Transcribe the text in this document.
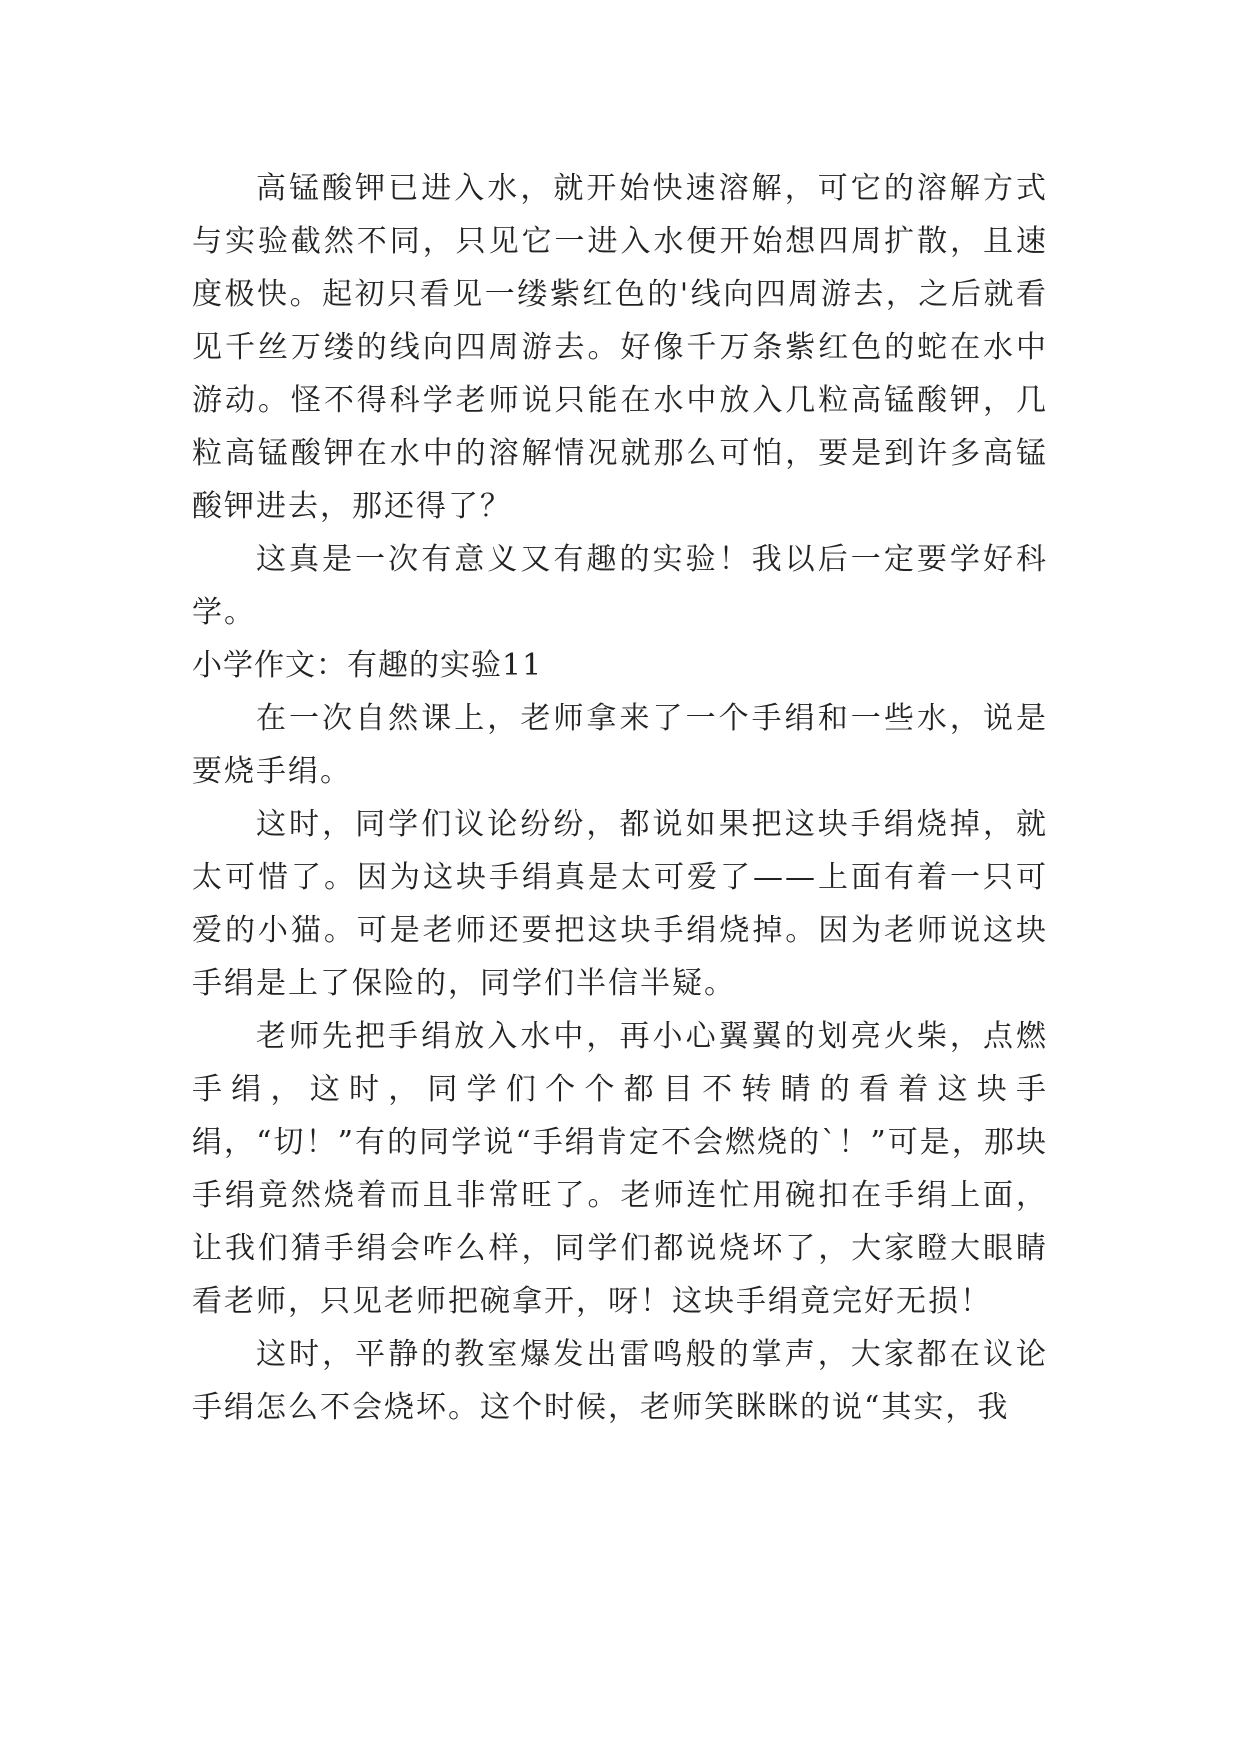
高锰酸钾已进入水，就开始快速溶解，可它的溶解方式与实验截然不同，只见它一进入水便开始想四周扩散，且速度极快。起初只看见一缕紫红色的'线向四周游去，之后就看见千丝万缕的线向四周游去。好像千万条紫红色的蛇在水中游动。怪不得科学老师说只能在水中放入几粒高锰酸钾，几粒高锰酸钾在水中的溶解情况就那么可怕，要是到许多高锰酸钾进去，那还得了？

这真是一次有意义又有趣的实验！我以后一定要学好科学。

小学作文：有趣的实验11

在一次自然课上，老师拿来了一个手绢和一些水，说是要烧手绢。

这时，同学们议论纷纷，都说如果把这块手绢烧掉，就太可惜了。因为这块手绢真是太可爱了——上面有着一只可爱的小猫。可是老师还要把这块手绢烧掉。因为老师说这块手绢是上了保险的，同学们半信半疑。

老师先把手绢放入水中，再小心翼翼的划亮火柴，点燃手绢，这时，同学们个个都目不转睛的看着这块手绢，“切！”有的同学说“手绢肯定不会燃烧的`！”可是，那块手绢竟然烧着而且非常旺了。老师连忙用碗扣在手绢上面，让我们猜手绢会咋么样，同学们都说烧坏了，大家瞪大眼睛看老师，只见老师把碗拿开，呀！这块手绢竟完好无损！

这时，平静的教室爆发出雷鸣般的掌声，大家都在议论手绢怎么不会烧坏。这个时候，老师笑眯眯的说“其实，我
